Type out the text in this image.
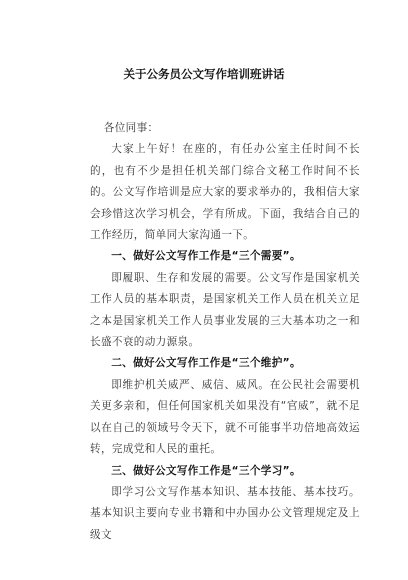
关于公务员公文写作培训班讲话

各位同事：

大家上午好！在座的，有任办公室主任时间不长的，也有不少是担任机关部门综合文秘工作时间不长的。公文写作培训是应大家的要求举办的，我相信大家会珍惜这次学习机会，学有所成。下面，我结合自己的工作经历，简单同大家沟通一下。

一、做好公文写作工作是“三个需要”。

即履职、生存和发展的需要。公文写作是国家机关工作人员的基本职责，是国家机关工作人员在机关立足之本是国家机关工作人员事业发展的三大基本功之一和长盛不衰的动力源泉。

二、做好公文写作工作是“三个维护”。

即维护机关威严、威信、威风。在公民社会需要机关更多亲和，但任何国家机关如果没有“官威”，就不足以在自己的领域号令天下，就不可能事半功倍地高效运转，完成党和人民的重托。

三、做好公文写作工作是“三个学习”。

即学习公文写作基本知识、基本技能、基本技巧。基本知识主要向专业书籍和中办国办公文管理规定及上级文
